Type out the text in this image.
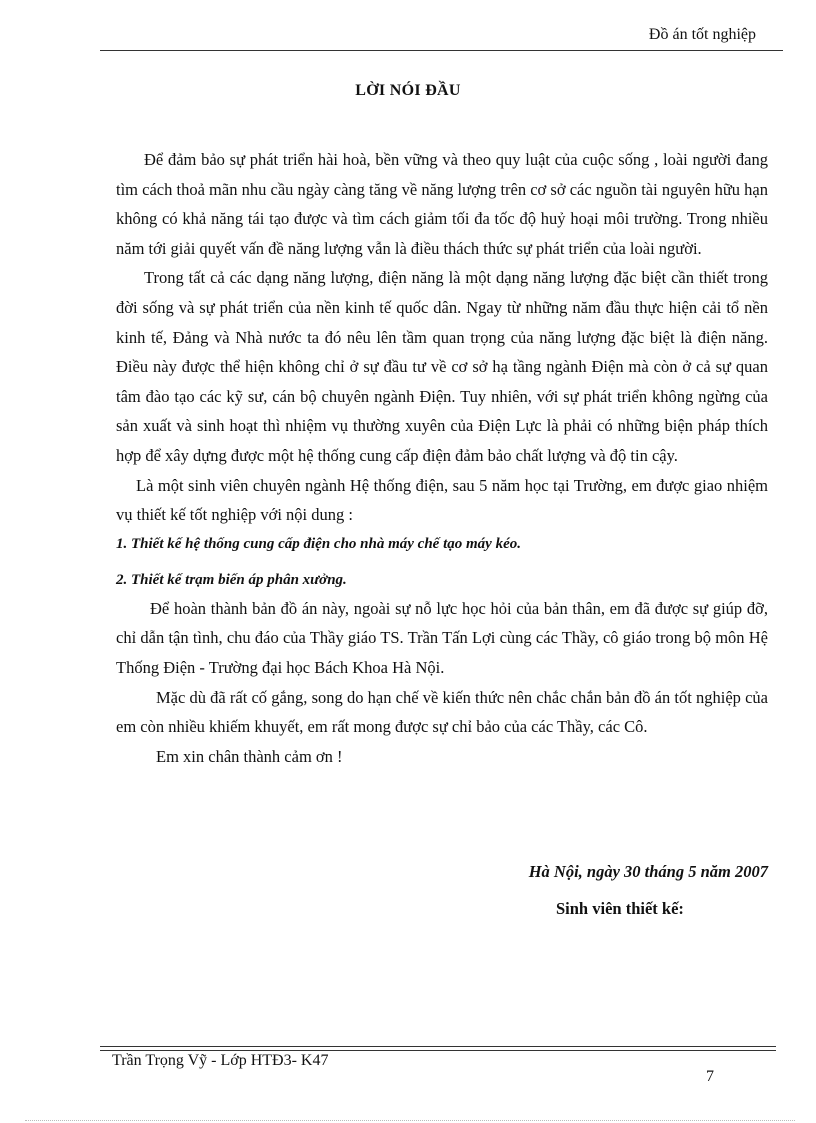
Đồ án tốt nghiệp
LỜI NÓI ĐẦU

Để đảm bảo sự phát triển hài hoà, bền vững và theo quy luật của cuộc sống , loài người đang tìm cách thoả mãn nhu cầu ngày càng tăng về năng lượng trên cơ sở các nguồn tài nguyên hữu hạn không có khả năng tái tạo được và tìm cách giảm tối đa tốc độ huỷ hoại môi trường. Trong nhiều năm tới giải quyết vấn đề năng lượng vẫn là điều thách thức sự phát triển của loài người.

Trong tất cả các dạng năng lượng, điện năng là một dạng năng lượng đặc biệt cần thiết trong đời sống và sự phát triển của nền kinh tế quốc dân. Ngay từ những năm đầu thực hiện cải tổ nền kinh tế, Đảng và Nhà nước ta đó nêu lên tầm quan trọng của năng lượng đặc biệt là điện năng. Điều này được thể hiện không chỉ ở sự đầu tư về cơ sở hạ tầng ngành Điện mà còn ở cả sự quan tâm đào tạo các kỹ sư, cán bộ chuyên ngành Điện. Tuy nhiên, với sự phát triển không ngừng của sản xuất và sinh hoạt thì nhiệm vụ thường xuyên của Điện Lực là phải có những biện pháp thích hợp để xây dựng được một hệ thống cung cấp điện đảm bảo chất lượng và độ tin cậy.

Là một sinh viên chuyên ngành Hệ thống điện, sau 5 năm học tại Trường, em được giao nhiệm vụ thiết kế tốt nghiệp với nội dung :

1. Thiết kế hệ thống cung cấp điện cho nhà máy chế tạo máy kéo.

2. Thiết kế trạm biến áp phân xưởng.

Để hoàn thành bản đồ án này, ngoài sự nỗ lực học hỏi của bản thân, em đã được sự giúp đỡ, chỉ dẫn tận tình, chu đáo của Thầy giáo TS. Trần Tấn Lợi cùng các Thầy, cô giáo trong bộ môn Hệ Thống Điện - Trường đại học Bách Khoa Hà Nội.

Mặc dù đã rất cố gắng, song do hạn chế về kiến thức nên chắc chắn bản đồ án tốt nghiệp của em còn nhiều khiếm khuyết, em rất mong được sự chỉ bảo của các Thầy, các Cô.

Em xin chân thành cảm ơn !

Hà Nội, ngày 30 tháng 5 năm 2007
Sinh viên thiết kế:
Trần Trọng Vỹ - Lớp HTĐ3- K47
7
